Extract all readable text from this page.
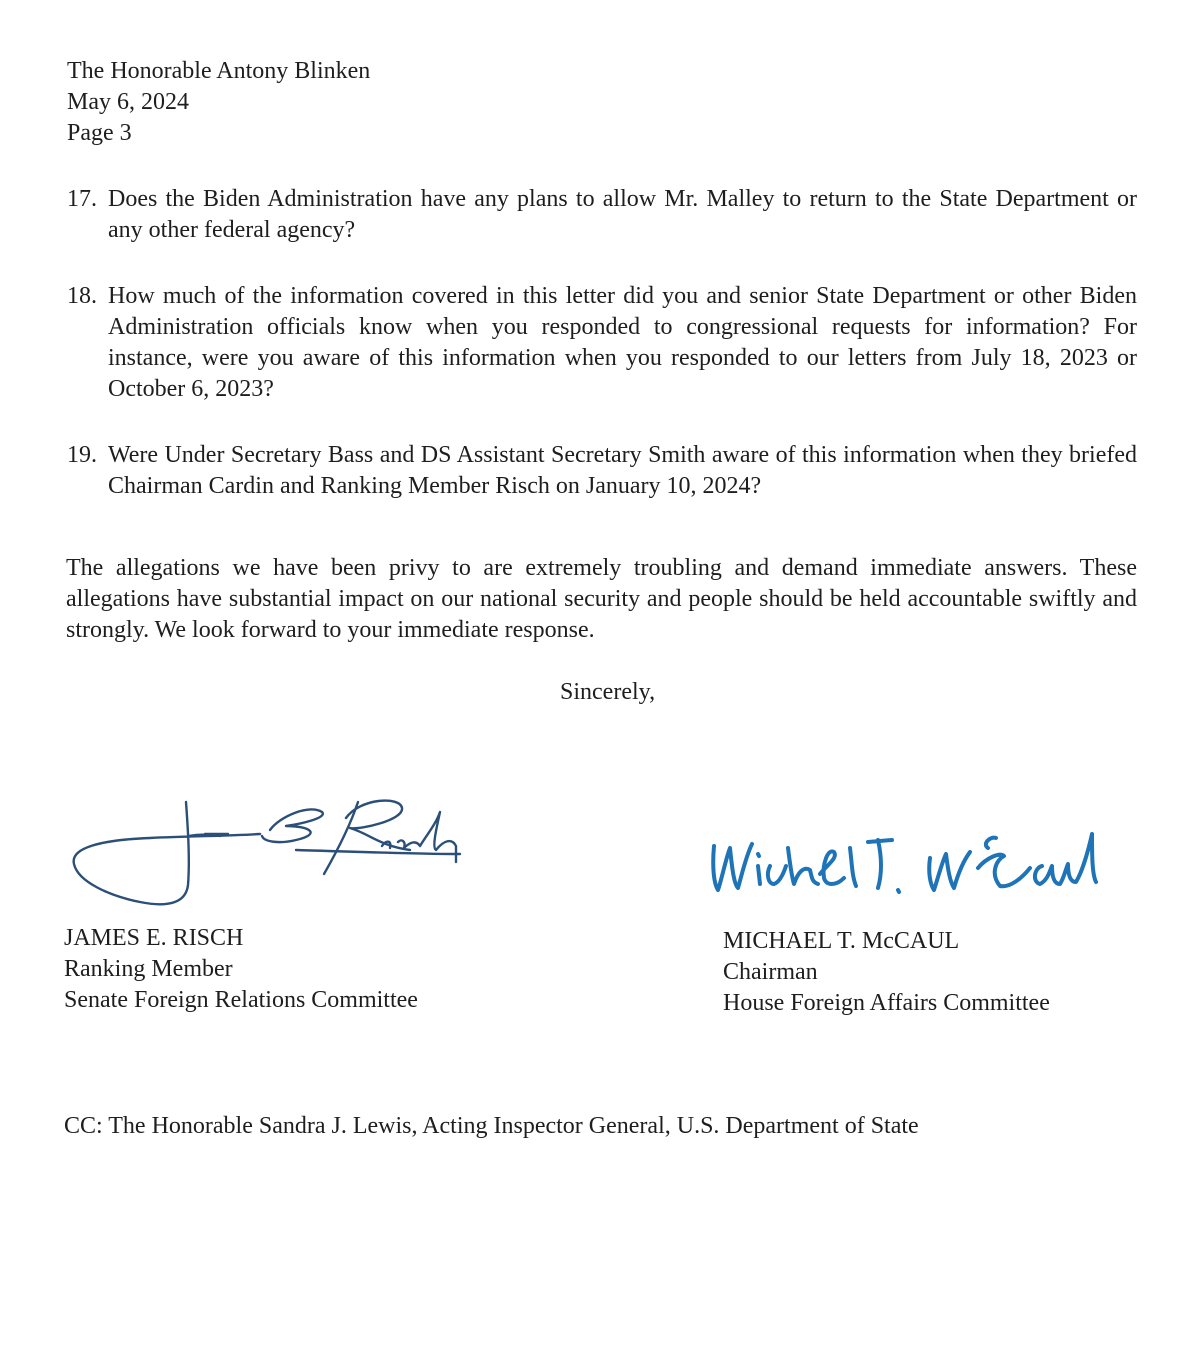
The Honorable Antony Blinken
May 6, 2024
Page 3
17. Does the Biden Administration have any plans to allow Mr. Malley to return to the State Department or any other federal agency?
18. How much of the information covered in this letter did you and senior State Department or other Biden Administration officials know when you responded to congressional requests for information? For instance, were you aware of this information when you responded to our letters from July 18, 2023 or October 6, 2023?
19. Were Under Secretary Bass and DS Assistant Secretary Smith aware of this information when they briefed Chairman Cardin and Ranking Member Risch on January 10, 2024?
The allegations we have been privy to are extremely troubling and demand immediate answers. These allegations have substantial impact on our national security and people should be held accountable swiftly and strongly. We look forward to your immediate response.
Sincerely,
JAMES E. RISCH
Ranking Member
Senate Foreign Relations Committee
MICHAEL T. McCAUL
Chairman
House Foreign Affairs Committee
CC: The Honorable Sandra J. Lewis, Acting Inspector General, U.S. Department of State
